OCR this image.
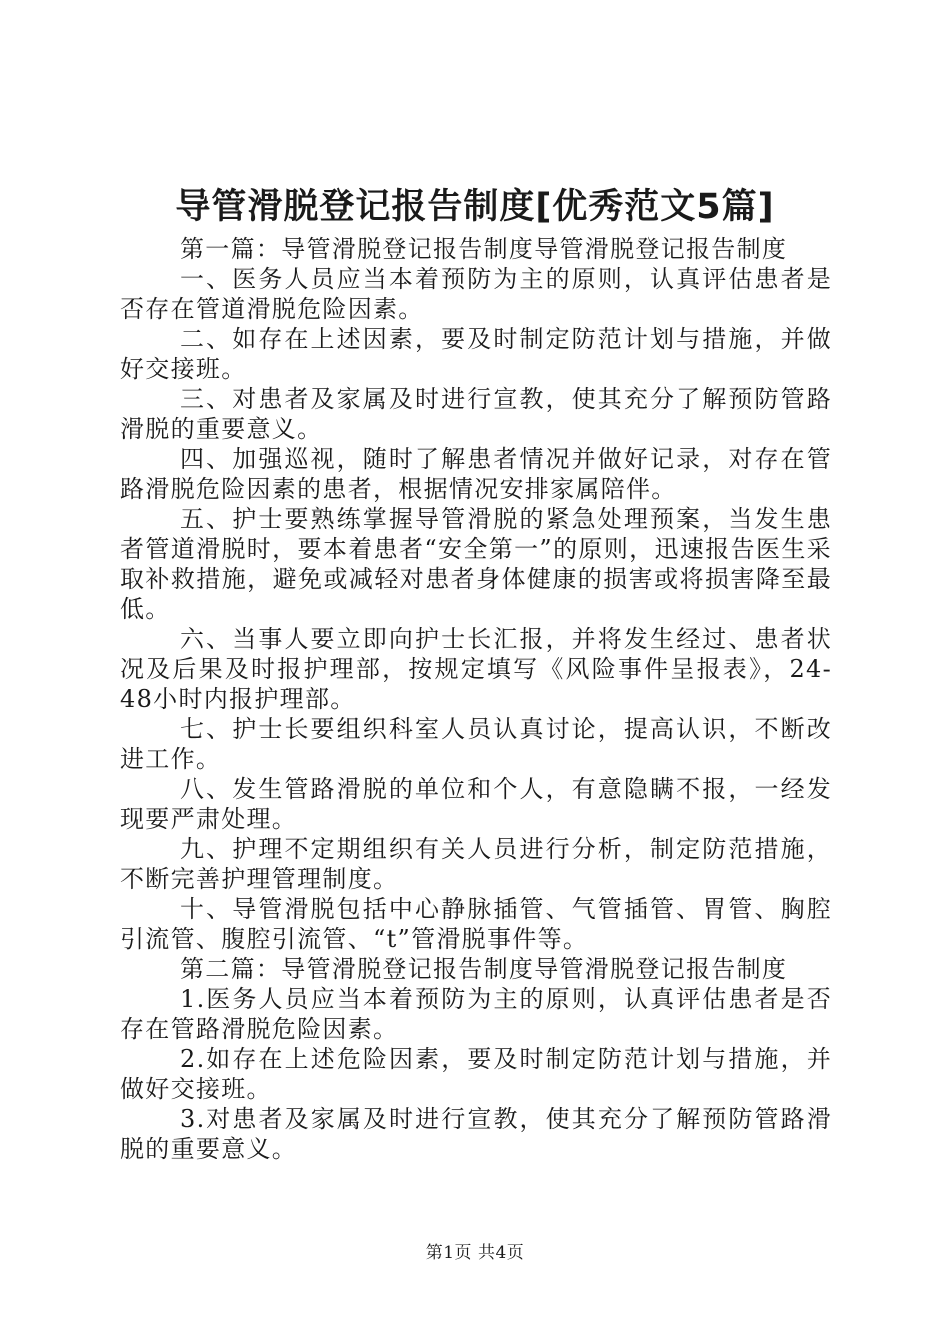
导管滑脱登记报告制度[优秀范文5篇]

第一篇：导管滑脱登记报告制度导管滑脱登记报告制度

一、医务人员应当本着预防为主的原则，认真评估患者是否存在管道滑脱危险因素。

二、如存在上述因素，要及时制定防范计划与措施，并做好交接班。

三、对患者及家属及时进行宣教，使其充分了解预防管路滑脱的重要意义。

四、加强巡视，随时了解患者情况并做好记录，对存在管路滑脱危险因素的患者，根据情况安排家属陪伴。

五、护士要熟练掌握导管滑脱的紧急处理预案，当发生患者管道滑脱时，要本着患者“安全第一”的原则，迅速报告医生采取补救措施，避免或减轻对患者身体健康的损害或将损害降至最低。

六、当事人要立即向护士长汇报，并将发生经过、患者状况及后果及时报护理部，按规定填写《风险事件呈报表》，24-48小时内报护理部。

七、护士长要组织科室人员认真讨论，提高认识，不断改进工作。

八、发生管路滑脱的单位和个人，有意隐瞒不报，一经发现要严肃处理。

九、护理不定期组织有关人员进行分析，制定防范措施，不断完善护理管理制度。

十、导管滑脱包括中心静脉插管、气管插管、胃管、胸腔引流管、腹腔引流管、“t”管滑脱事件等。

第二篇：导管滑脱登记报告制度导管滑脱登记报告制度

1.医务人员应当本着预防为主的原则，认真评估患者是否存在管路滑脱危险因素。

2.如存在上述危险因素，要及时制定防范计划与措施，并做好交接班。

3.对患者及家属及时进行宣教，使其充分了解预防管路滑脱的重要意义。

第1页 共4页
